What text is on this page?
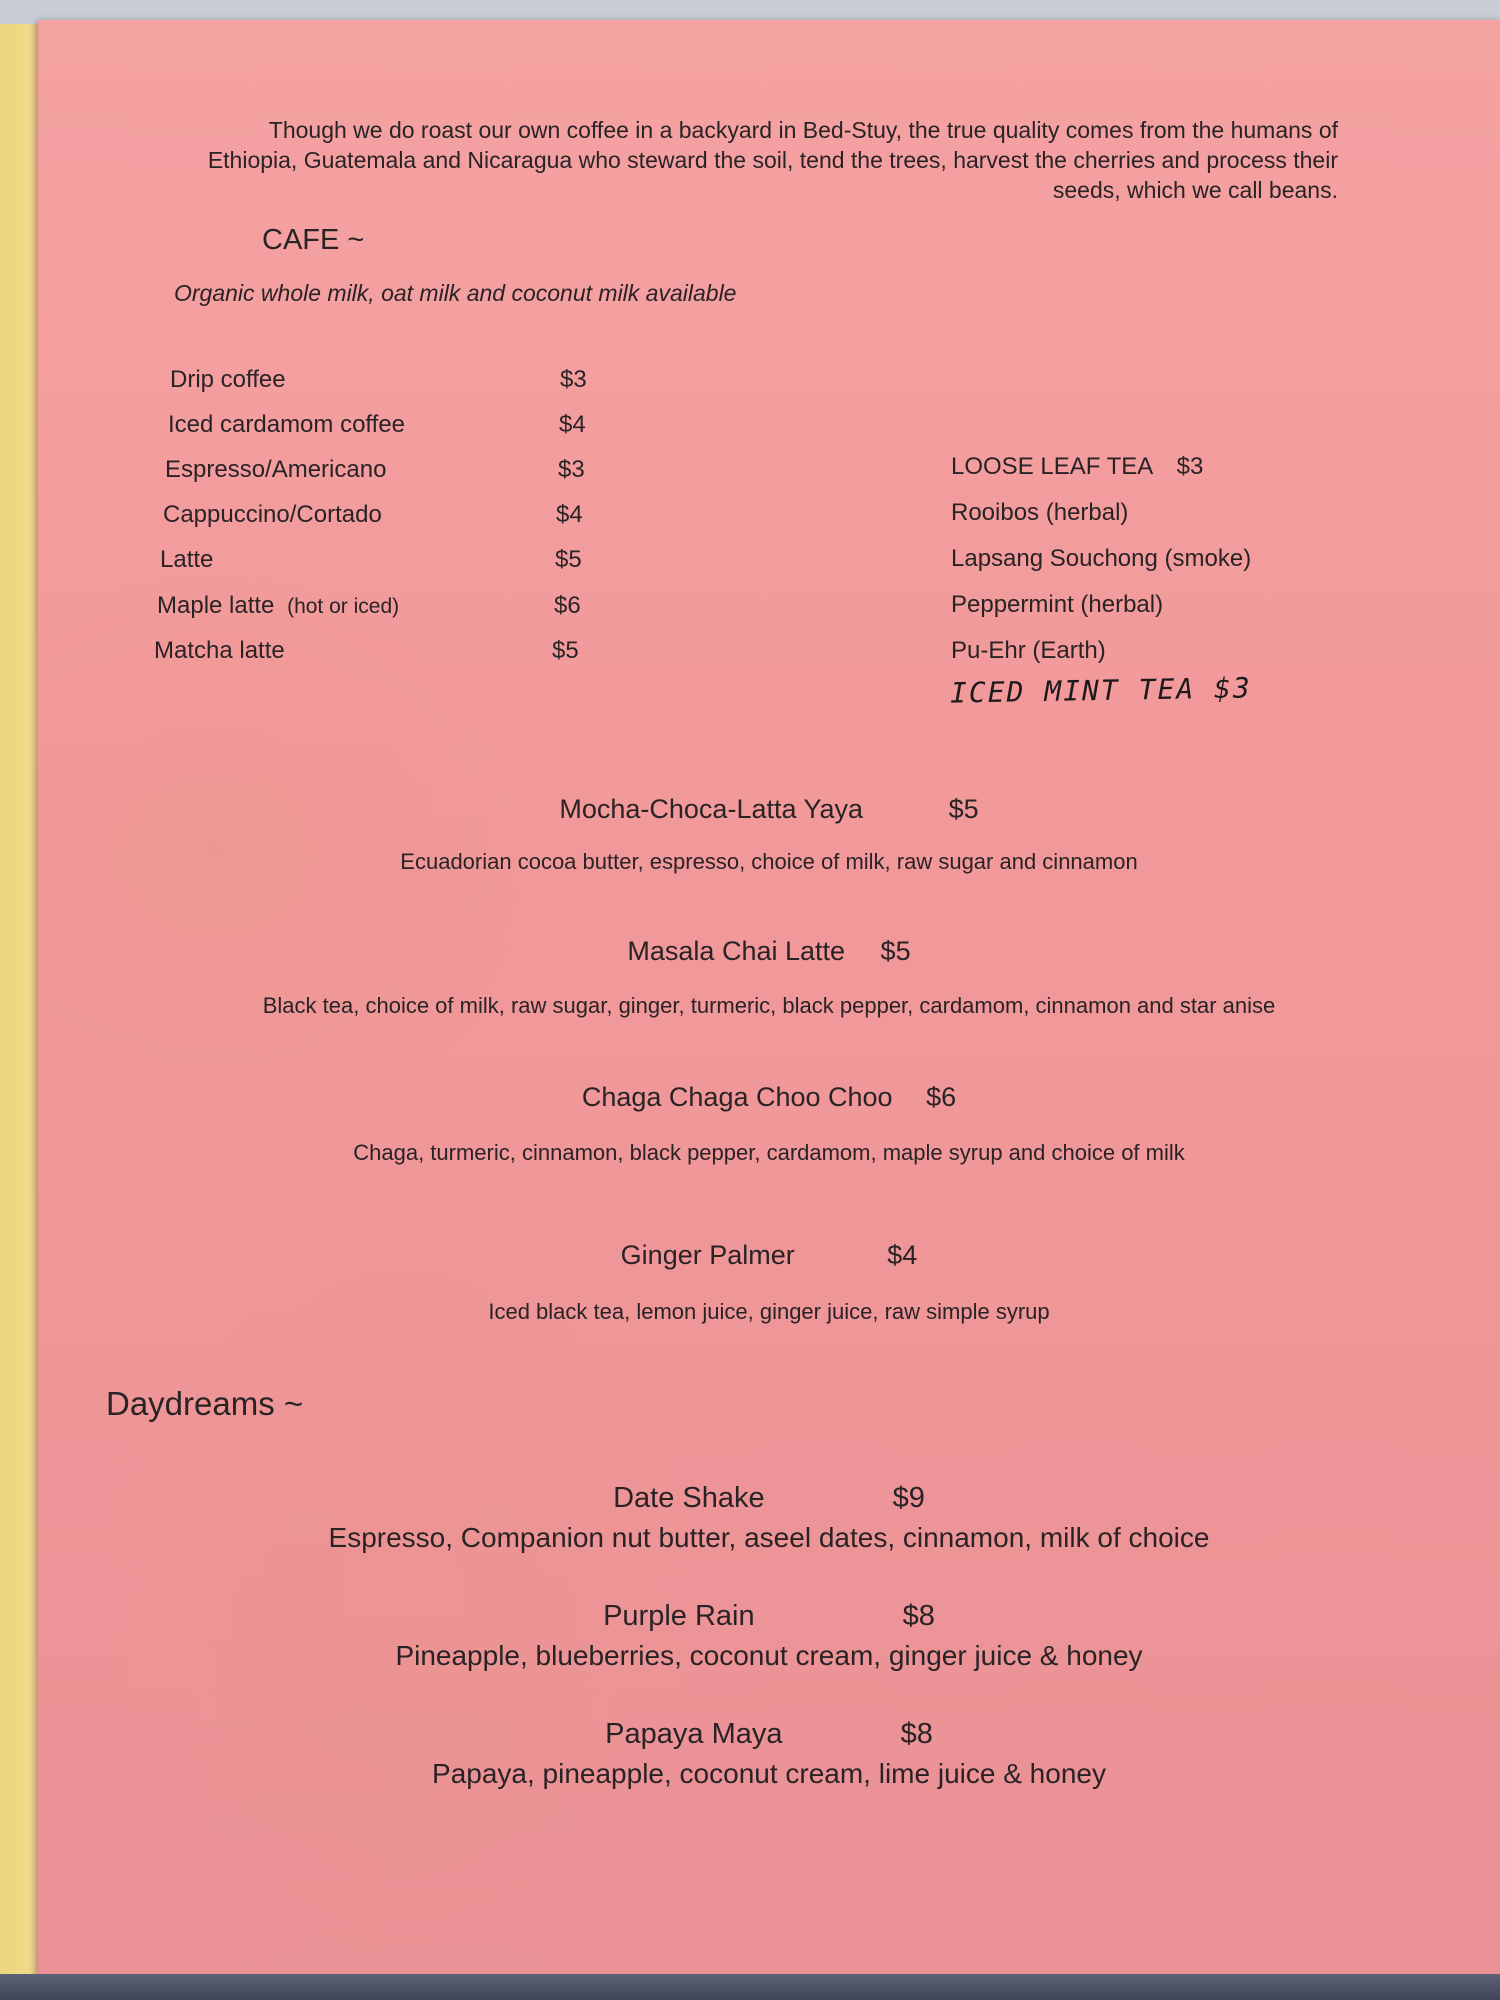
Though we do roast our own coffee in a backyard in Bed-Stuy, the true quality comes from the humans of Ethiopia, Guatemala and Nicaragua who steward the soil, tend the trees, harvest the cherries and process their seeds, which we call beans.

CAFE ~
Organic whole milk, oat milk and coconut milk available
Drip coffee	$3
Iced cardamom coffee	$4
Espresso/Americano	$3
Cappuccino/Cortado	$4
Latte	$5
Maple latte (hot or iced)	$6
Matcha latte	$5
LOOSE LEAF TEA $3
Rooibos (herbal)
Lapsang Souchong (smoke)
Peppermint (herbal)
Pu-Ehr (Earth)
ICED MINT TEA $3
Mocha-Choca-Latta Yaya	$5
Ecuadorian cocoa butter, espresso, choice of milk, raw sugar and cinnamon
Masala Chai Latte $5
Black tea, choice of milk, raw sugar, ginger, turmeric, black pepper, cardamom, cinnamon and star anise
Chaga Chaga Choo Choo $6
Chaga, turmeric, cinnamon, black pepper, cardamom, maple syrup and choice of milk
Ginger Palmer	$4
Iced black tea, lemon juice, ginger juice, raw simple syrup
Daydreams ~
Date Shake	$9
Espresso, Companion nut butter, aseel dates, cinnamon, milk of choice
Purple Rain	$8
Pineapple, blueberries, coconut cream, ginger juice & honey
Papaya Maya	$8
Papaya, pineapple, coconut cream, lime juice & honey
